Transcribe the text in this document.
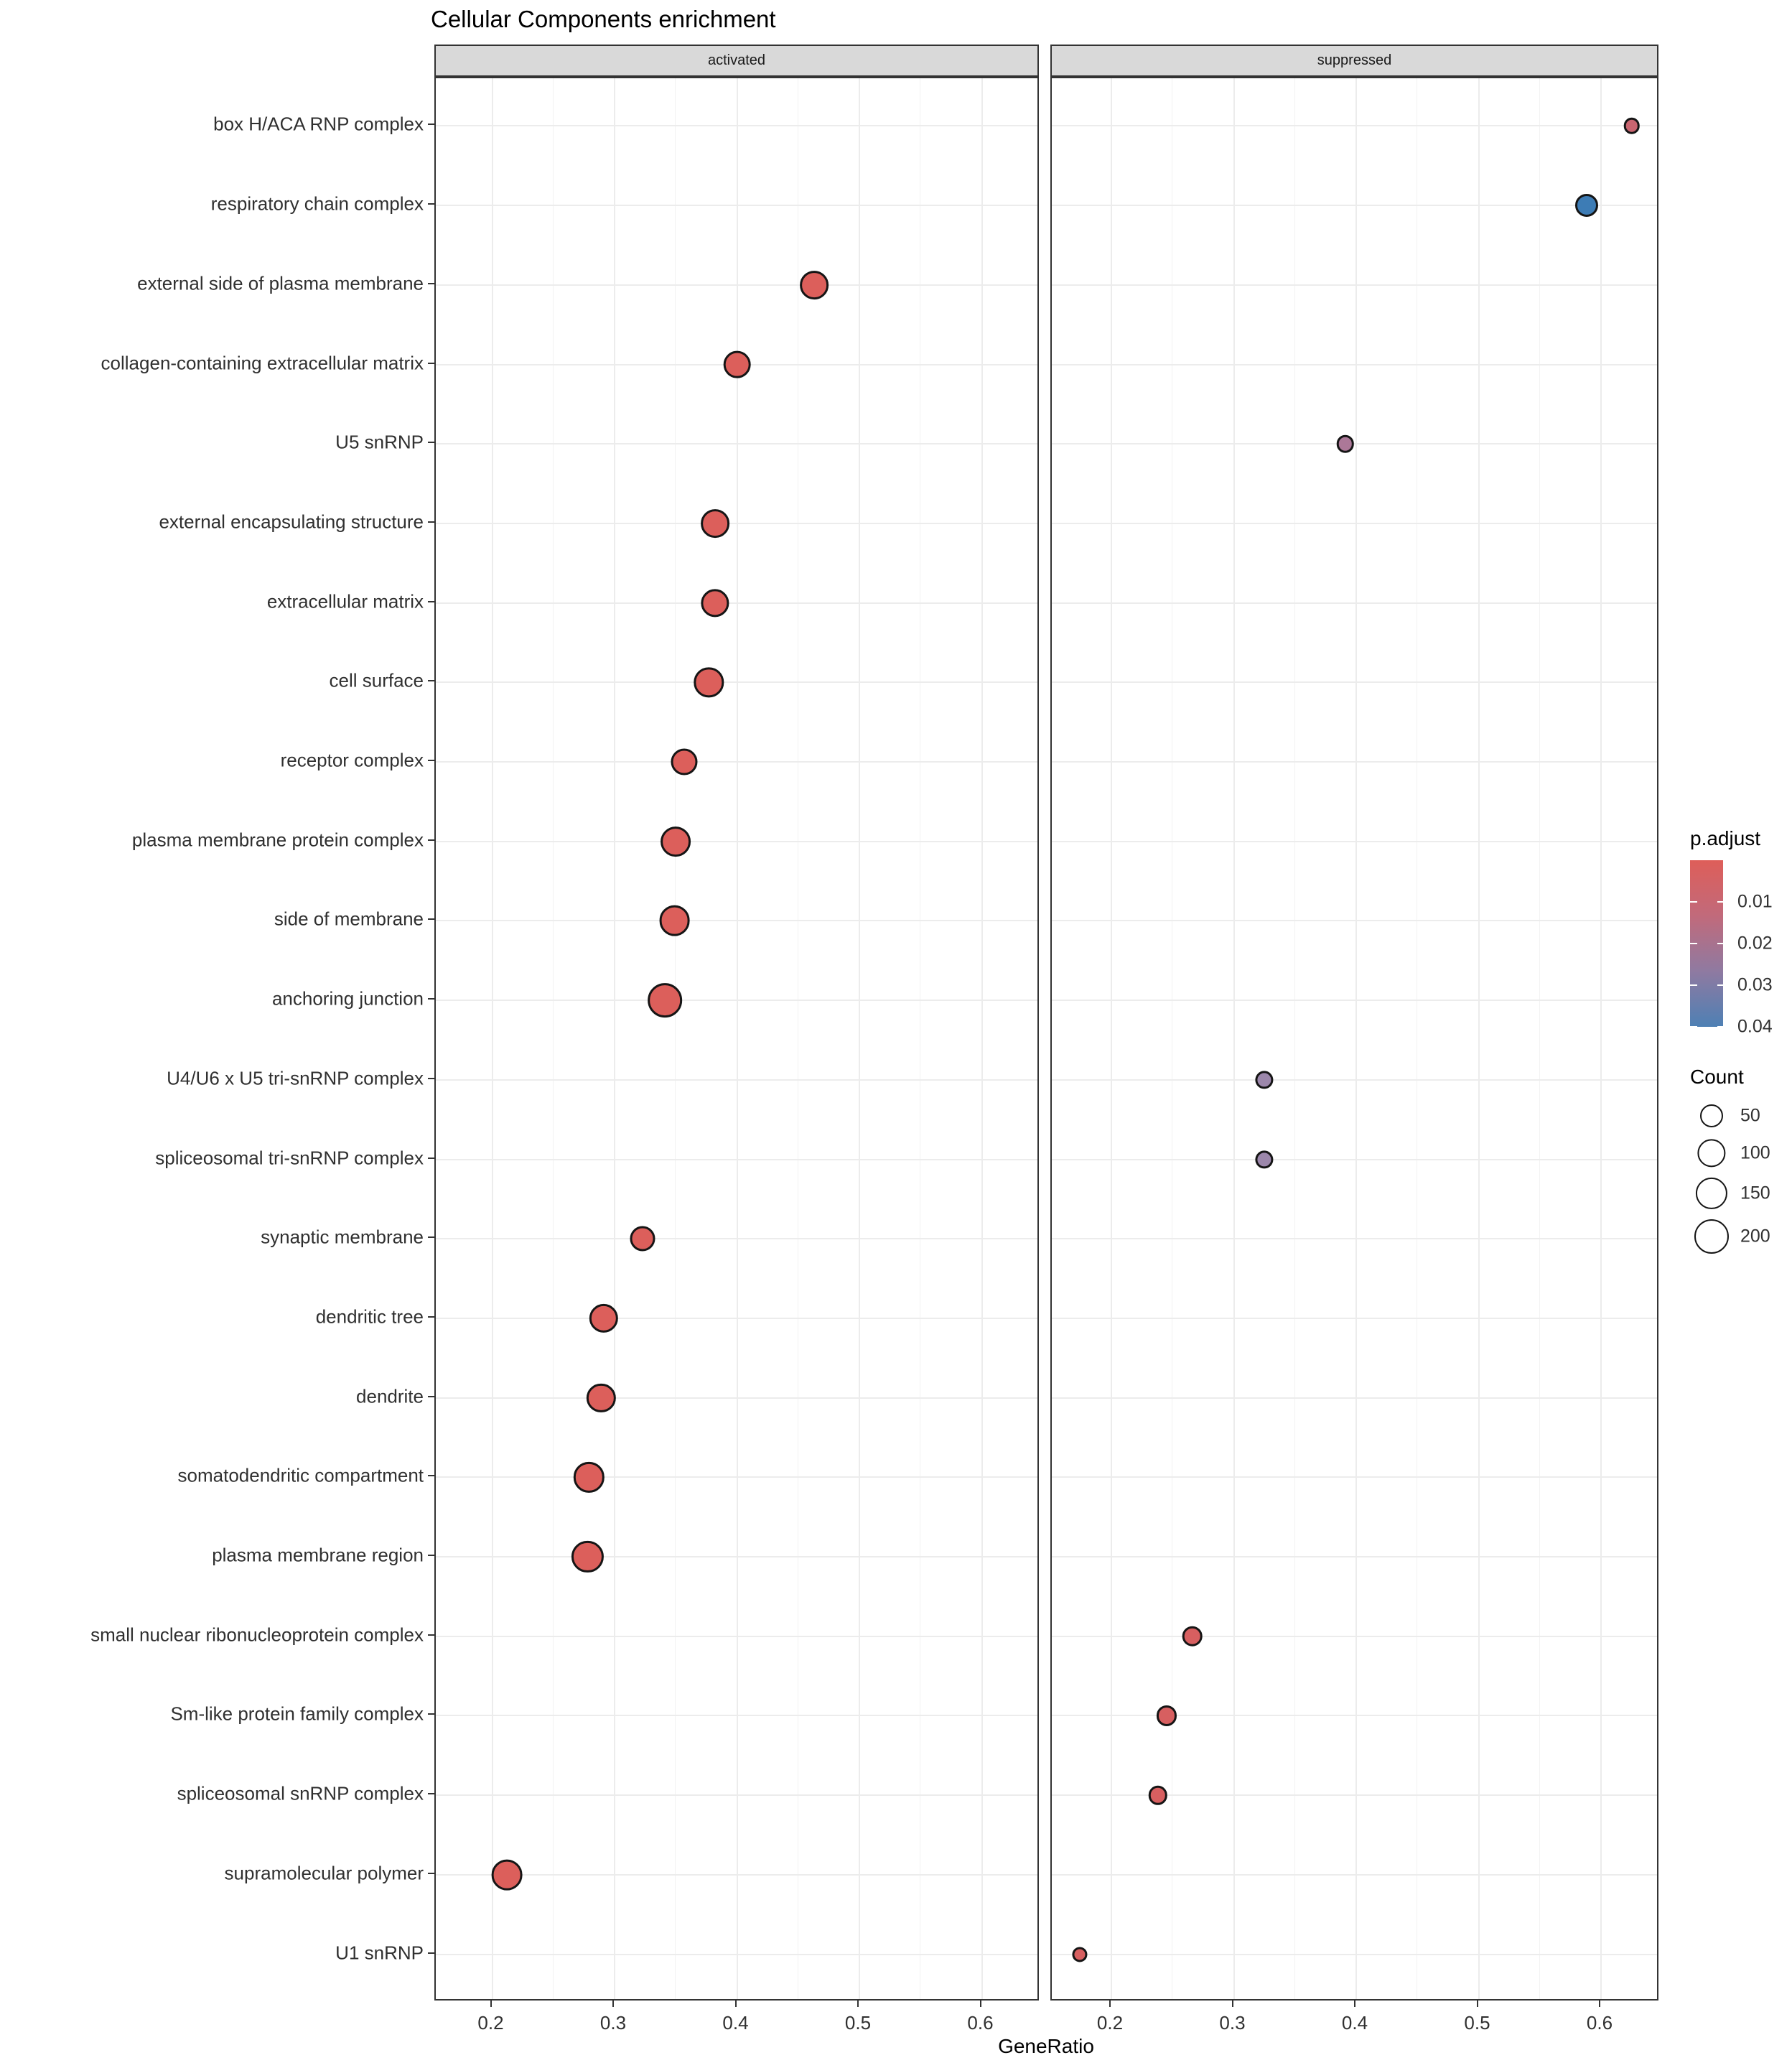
Cellular Components enrichment
activated	suppressed
box H/ACA RNP complex
respiratory chain complex
external side of plasma membrane
collagen-containing extracellular matrix
U5 snRNP
external encapsulating structure
extracellular matrix
cell surface
receptor complex
plasma membrane protein complex
side of membrane
anchoring junction
U4/U6 x U5 tri-snRNP complex
spliceosomal tri-snRNP complex
synaptic membrane
dendritic tree
dendrite
somatodendritic compartment
plasma membrane region
small nuclear ribonucleoprotein complex
Sm-like protein family complex
spliceosomal snRNP complex
supramolecular polymer
U1 snRNP
0.2	0.3	0.4	0.5	0.6	0.2	0.3	0.4	0.5	0.6
GeneRatio
p.adjust
0.01
0.02
0.03
0.04
Count
50
100
150
200
